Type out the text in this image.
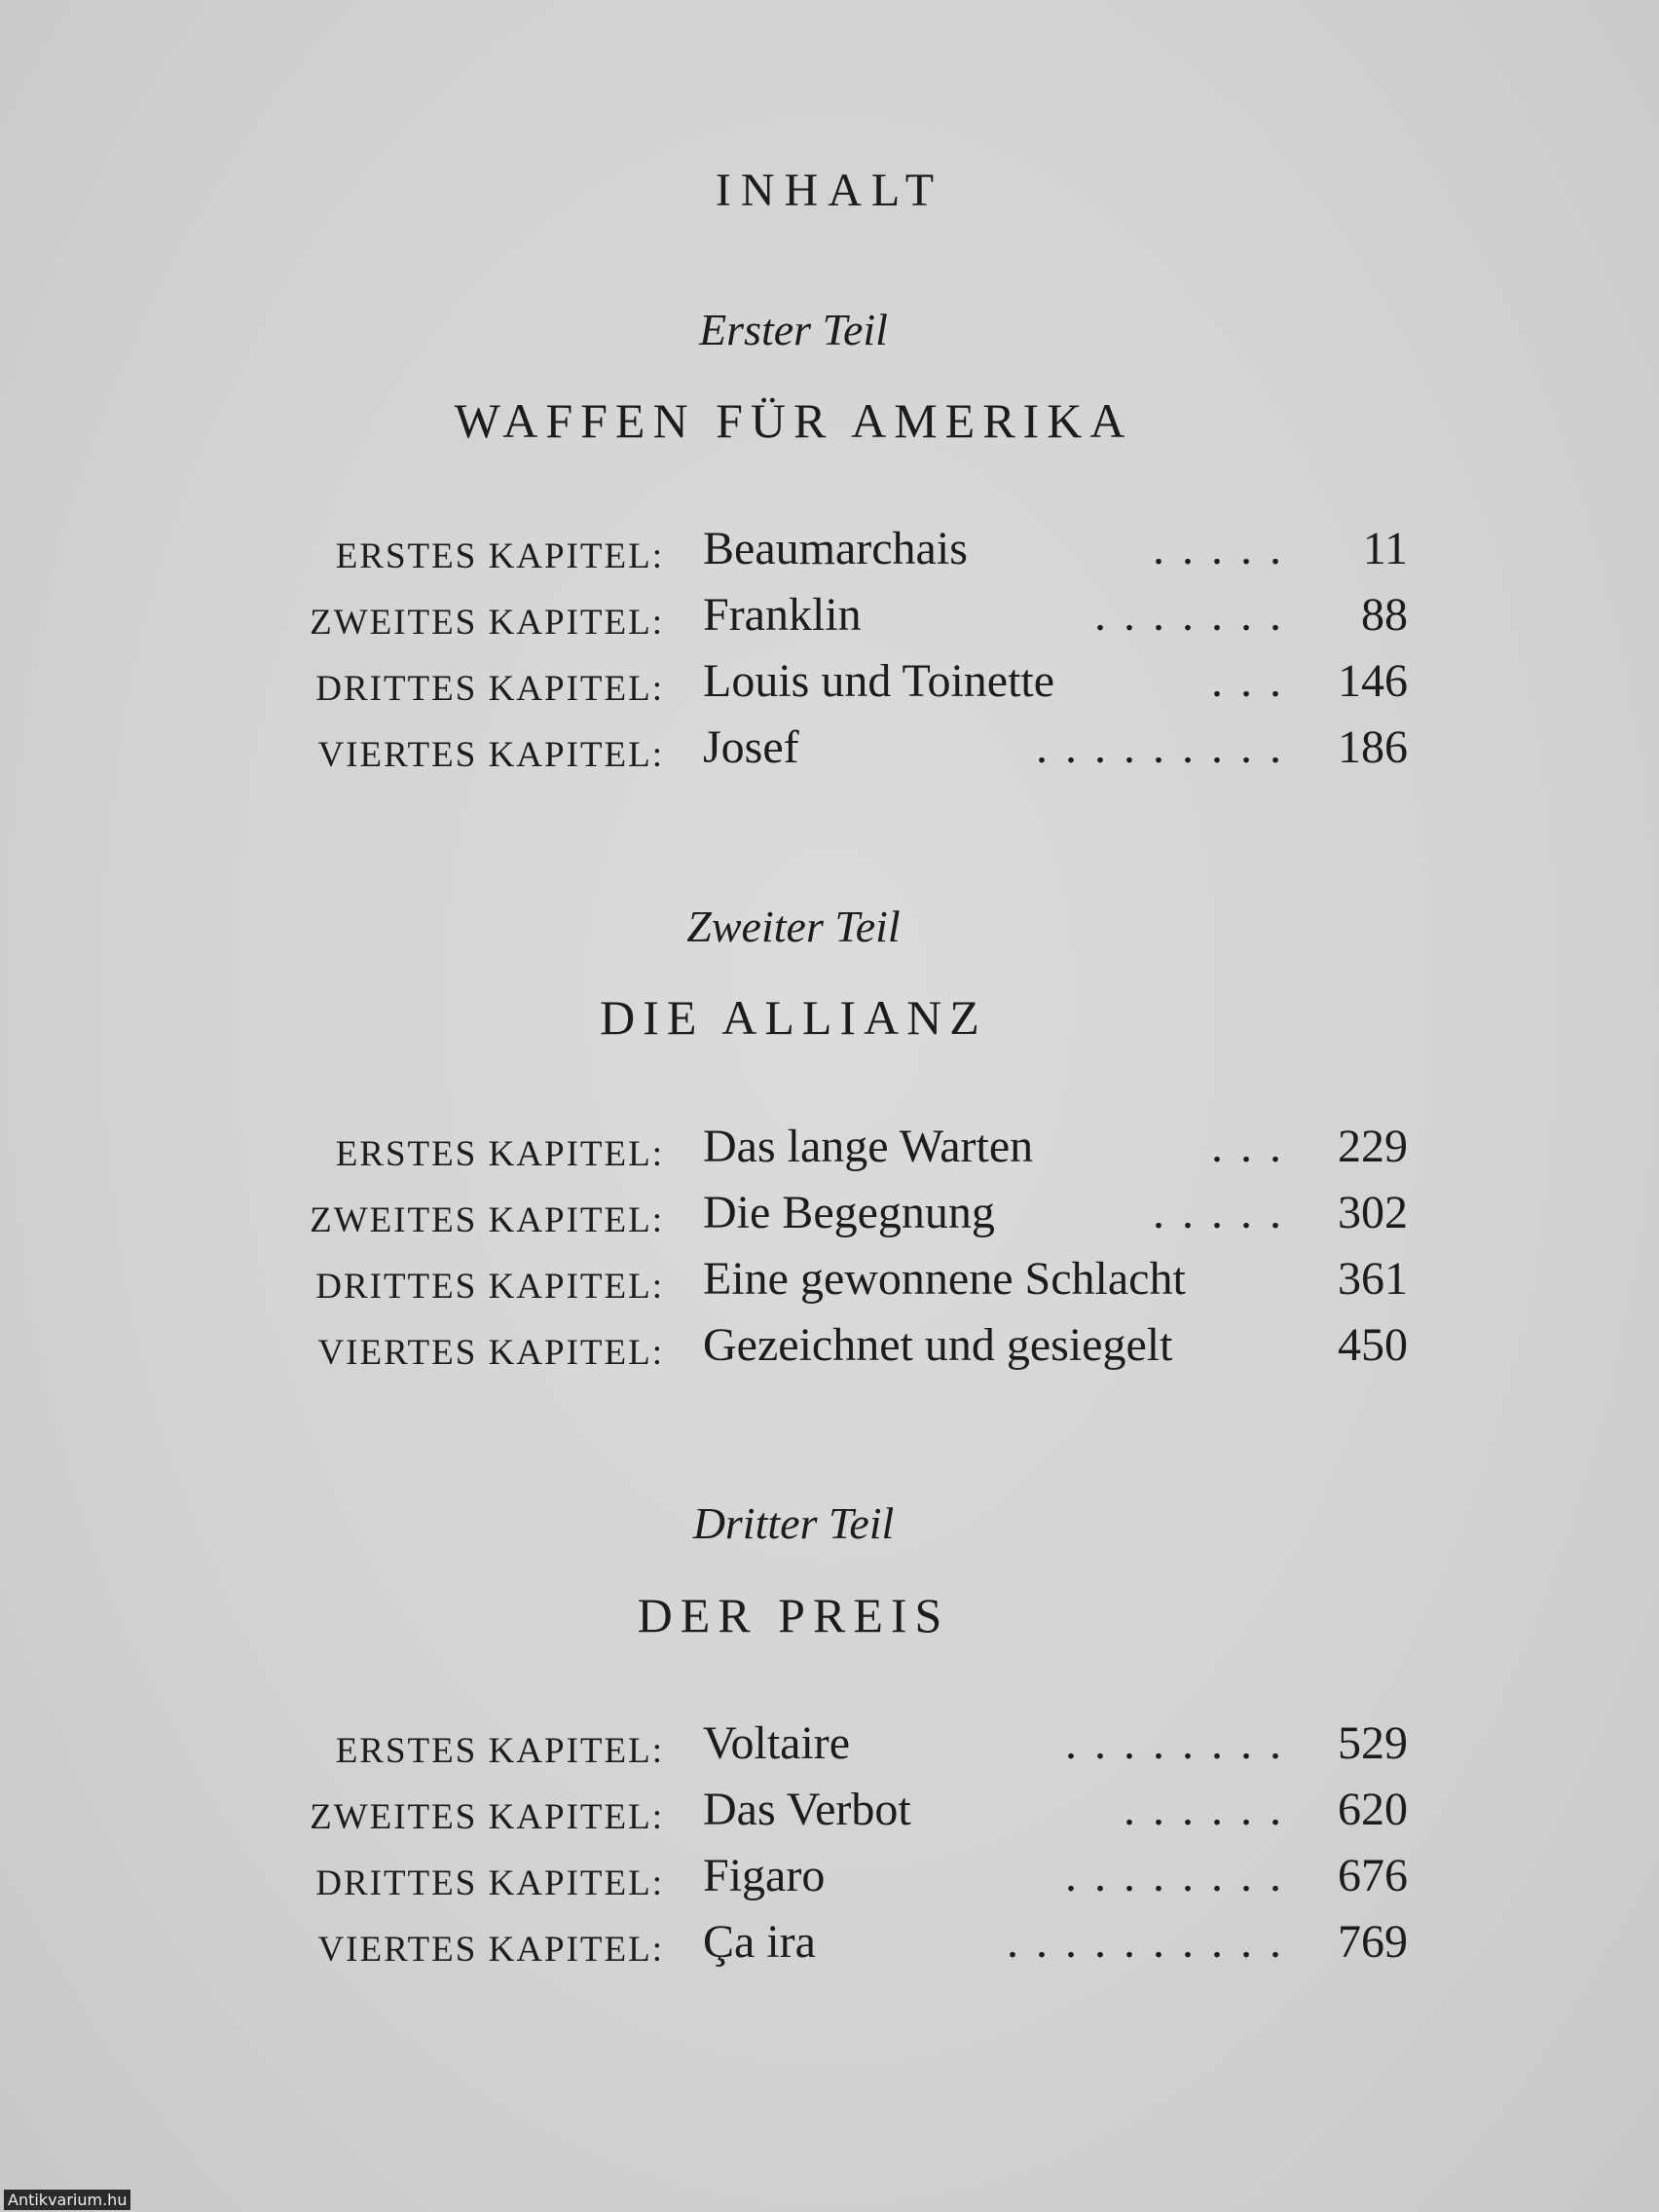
INHALT
Erster Teil
WAFFEN FÜR AMERIKA
ERSTES KAPITEL: Beaumarchais	..... 11
ZWEITES KAPITEL: Franklin	....... 88
DRITTES KAPITEL: Louis und Toinette	... 146
VIERTES KAPITEL: Josef	......... 186
Zweiter Teil
DIE ALLIANZ
ERSTES KAPITEL: Das lange Warten	... 229
ZWEITES KAPITEL: Die Begegnung	..... 302
DRITTES KAPITEL: Eine gewonnene Schlacht	361
VIERTES KAPITEL: Gezeichnet und gesiegelt	450
Dritter Teil
DER PREIS
ERSTES KAPITEL: Voltaire	........ 529
ZWEITES KAPITEL: Das Verbot	...... 620
DRITTES KAPITEL: Figaro	........ 676
VIERTES KAPITEL: Ça ira	.......... 769
Antikvarium.hu
